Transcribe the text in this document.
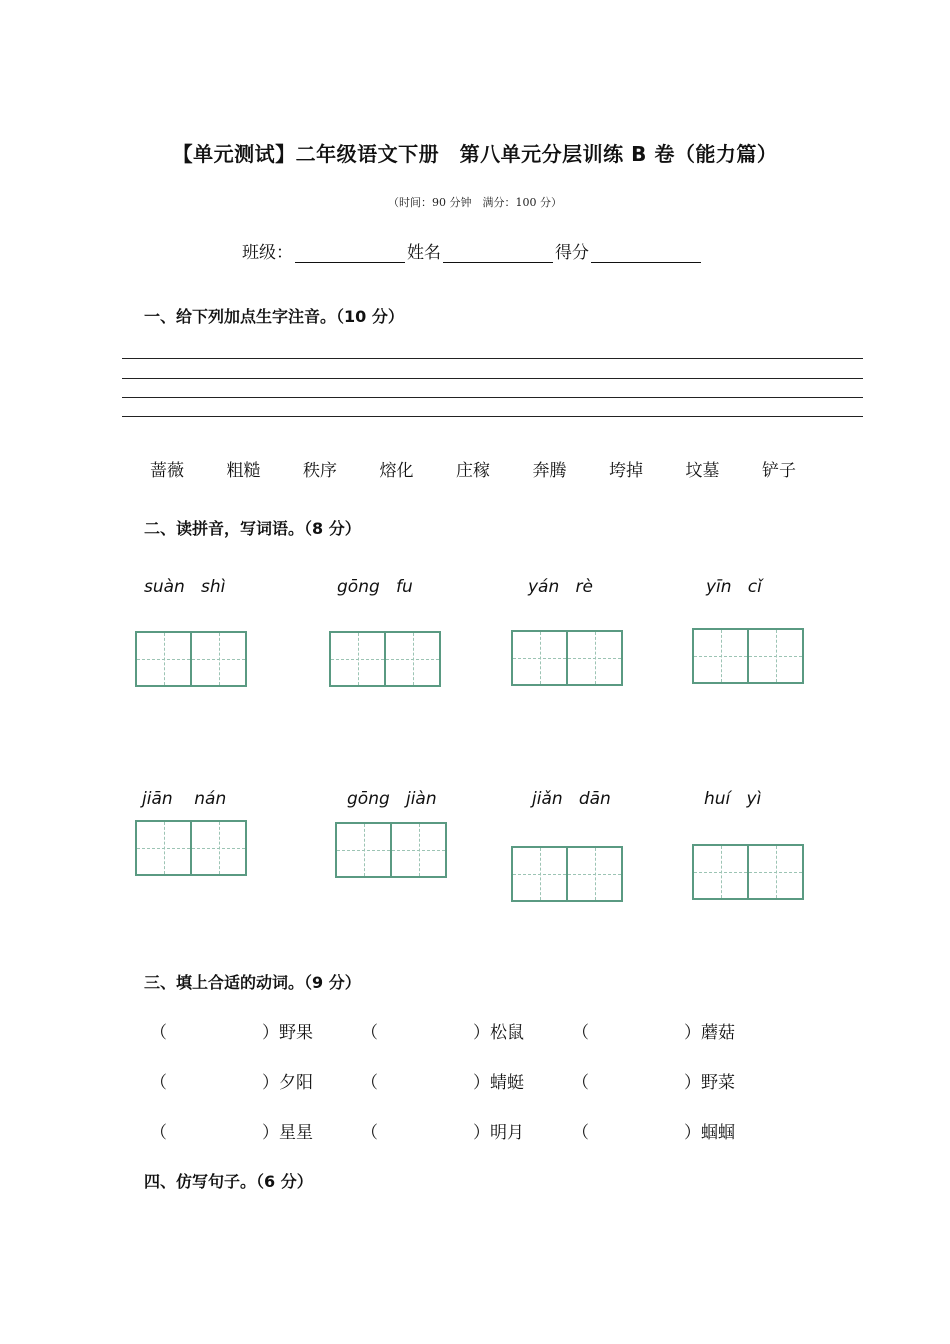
【单元测试】二年级语文下册　第八单元分层训练 B 卷（能力篇）
（时间：90 分钟　满分：100 分）
班级：	姓名	得分
一、给下列加点生字注音。（10 分）
蔷薇	粗糙	秩序	熔化	庄稼	奔腾	垮掉	坟墓	铲子
二、读拼音，写词语。（8 分）
suàn   shì	gōng   fu	yán   rè	yīn   cǐ
jiān    nán	gōng   jiàn	jiǎn   dān	huí   yì
三、填上合适的动词。（9 分）
（	） 野果	（	） 松鼠	（	） 蘑菇
（	） 夕阳	（	） 蜻蜓	（	） 野菜
（	） 星星	（	） 明月	（	） 蝈蝈
四、仿写句子。（6 分）
